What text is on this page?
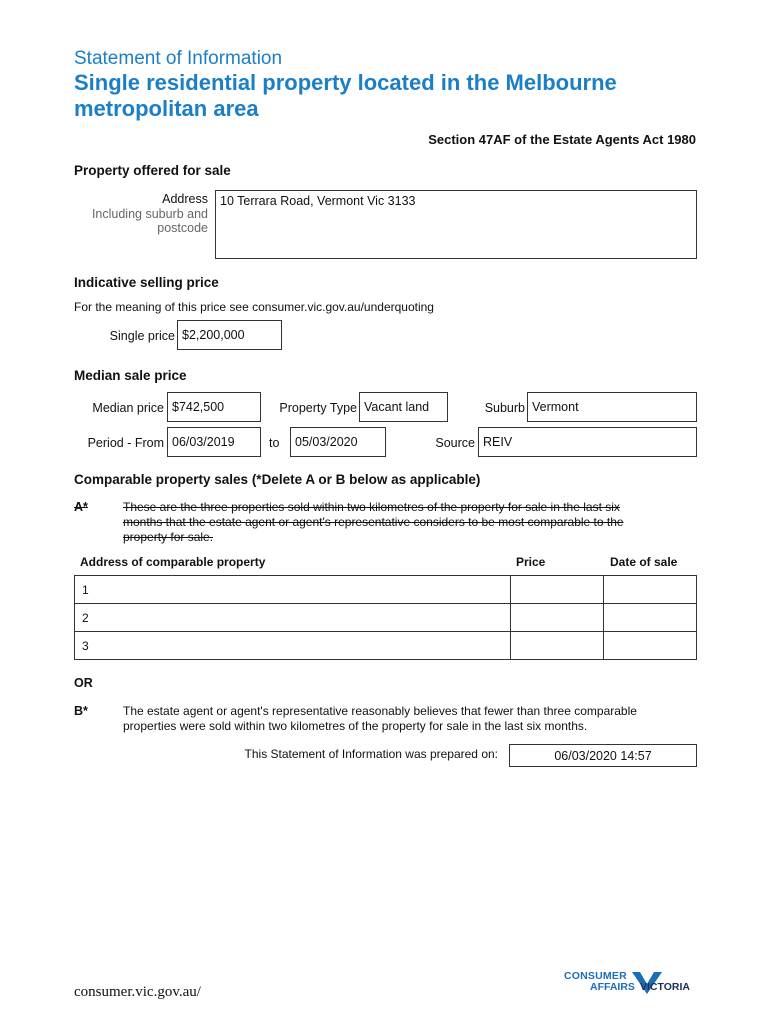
Statement of Information
Single residential property located in the Melbourne metropolitan area
Section 47AF of the Estate Agents Act 1980
Property offered for sale
Address
Including suburb and
postcode
10 Terrara Road, Vermont Vic 3133
Indicative selling price
For the meaning of this price see consumer.vic.gov.au/underquoting
Single price $2,200,000
Median sale price
Median price $742,500	Property Type Vacant land	Suburb Vermont
Period - From 06/03/2019	to	05/03/2020	Source REIV
Comparable property sales (*Delete A or B below as applicable)
A*	These are the three properties sold within two kilometres of the property for sale in the last six
months that the estate agent or agent's representative considers to be most comparable to the
property for sale.
Address of comparable property	Price	Date of sale
1		
2		
3		
OR
B*	The estate agent or agent's representative reasonably believes that fewer than three comparable
properties were sold within two kilometres of the property for sale in the last six months.
This Statement of Information was prepared on:	06/03/2020 14:57
consumer.vic.gov.au/
CONSUMER
AFFAIRS VICTORIA
